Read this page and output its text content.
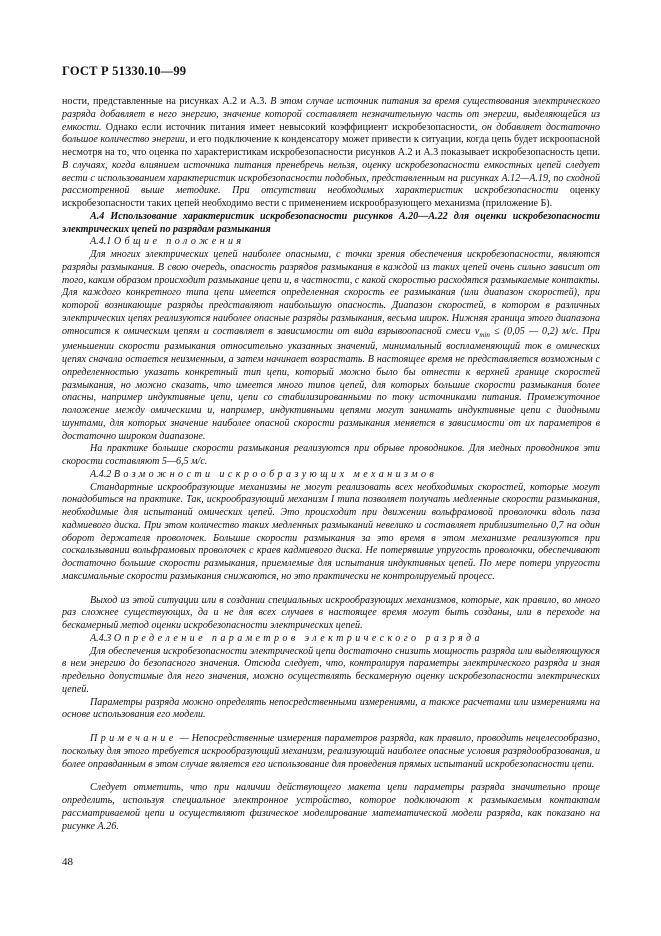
ГОСТ Р 51330.10—99

ности, представленные на рисунках А.2 и А.3. В этом случае источник питания за время существования электрического разряда добавляет в него энергию, значение которой составляет незначительную часть от энергии, выделяющейся из емкости. Однако если источник питания имеет невысокий коэффициент искробезопасности, он добавляет достаточно большое количество энергии, и его подключение к конденсатору может привести к ситуации, когда цепь будет искроопасной несмотря на то, что оценка по характеристикам искробезопасности рисунков А.2 и А.3 показывает искробезопасность цепи. В случаях, когда влиянием источника питания пренебречь нельзя, оценку искробезопасности емкостных цепей следует вести с использованием характеристик искробезопасности подобных, представленным на рисунках А.12—А.19, по сходной рассмотренной выше методике. При отсутствии необходимых характеристик искробезопасности оценку искробезопасности таких цепей необходимо вести с применением искрообразующего механизма (приложение Б).

А.4 Использование характеристик искробезопасности рисунков А.20—А.22 для оценки искробезопасности электрических цепей по разрядам размыкания

А.4.1 Общие положения

Для многих электрических цепей наиболее опасными, с точки зрения обеспечения искробезопасности, являются разряды размыкания. В свою очередь, опасность разрядов размыкания в каждой из таких цепей очень сильно зависит от того, каким образом происходит размыкание цепи и, в частности, с какой скоростью расходятся размыкаемые контакты. Для каждого конкретного типа цепи имеется определенная скорость ее размыкания (или диапазон скоростей), при которой возникающие разряды представляют наибольшую опасность. Диапазон скоростей, в котором в различных электрических цепях реализуются наиболее опасные разряды размыкания, весьма широк. Нижняя граница этого диапазона относится к омическим цепям и составляет в зависимости от вида взрывоопасной смеси $v_{min} \le (0,05$ — 0,2) м/с. При уменьшении скорости размыкания относительно указанных значений, минимальный воспламеняющий ток в омических цепях сначала остается неизменным, а затем начинает возрастать. В настоящее время не представляется возможным с определенностью указать конкретный тип цепи, который можно было бы отнести к верхней границе скоростей размыкания, но можно сказать, что имеется много типов цепей, для которых большие скорости размыкания более опасны, например индуктивные цепи, цепи со стабилизированными по току источниками питания. Промежуточное положение между омическими и, например, индуктивными цепями могут занимать индуктивные цепи с диодными шунтами, для которых значение наиболее опасной скорости размыкания меняется в зависимости от их параметров в достаточно широком диапазоне.

На практике большие скорости размыкания реализуются при обрыве проводников. Для медных проводников эти скорости составляют 5—6,5 м/с.

А.4.2 Возможности искрообразующих механизмов

Стандартные искрообразующие механизмы не могут реализовать всех необходимых скоростей, которые могут понадобиться на практике. Так, искрообразующий механизм I типа позволяет получать медленные скорости размыкания, необходимые для испытаний омических цепей. Это происходит при движении вольфрамовой проволочки вдоль паза кадмиевого диска. При этом количество таких медленных размыканий невелико и составляет приблизительно 0,7 на один оборот держателя проволочек. Большие скорости размыкания за это время в этом механизме реализуются при соскальзывании вольфрамовых проволочек с краев кадмиевого диска. Не потерявшие упругость проволочки, обеспечивают достаточно большие скорости размыкания, приемлемые для испытания индуктивных цепей. По мере потери упругости максимальные скорости размыкания снижаются, но это практически не контролируемый процесс.

Выход из этой ситуации или в создании специальных искрообразующих механизмов, которые, как правило, во много раз сложнее существующих, да и не для всех случаев в настоящее время могут быть созданы, или в переходе на бескамерный метод оценки искробезопасности электрических цепей.

А.4.3 Определение параметров электрического разряда

Для обеспечения искробезопасности электрической цепи достаточно снизить мощность разряда или выделяющуюся в нем энергию до безопасного значения. Отсюда следует, что, контролируя параметры электрического разряда и зная предельно допустимые для него значения, можно осуществлять бескамерную оценку искробезопасности электрических цепей.

Параметры разряда можно определять непосредственными измерениями, а также расчетами или измерениями на основе использования его модели.

Примечание — Непосредственные измерения параметров разряда, как правило, проводить нецелесообразно, поскольку для этого требуется искрообразующий механизм, реализующий наиболее опасные условия разрядообразования, и более оправданным в этом случае является его использование для проведения прямых испытаний искробезопасности цепи.

Следует отметить, что при наличии действующего макета цепи параметры разряда значительно проще определить, используя специальное электронное устройство, которое подключают к размыкаемым контактам рассматриваемой цепи и осуществляют физическое моделирование математической модели разряда, как показано на рисунке А.26.

48
